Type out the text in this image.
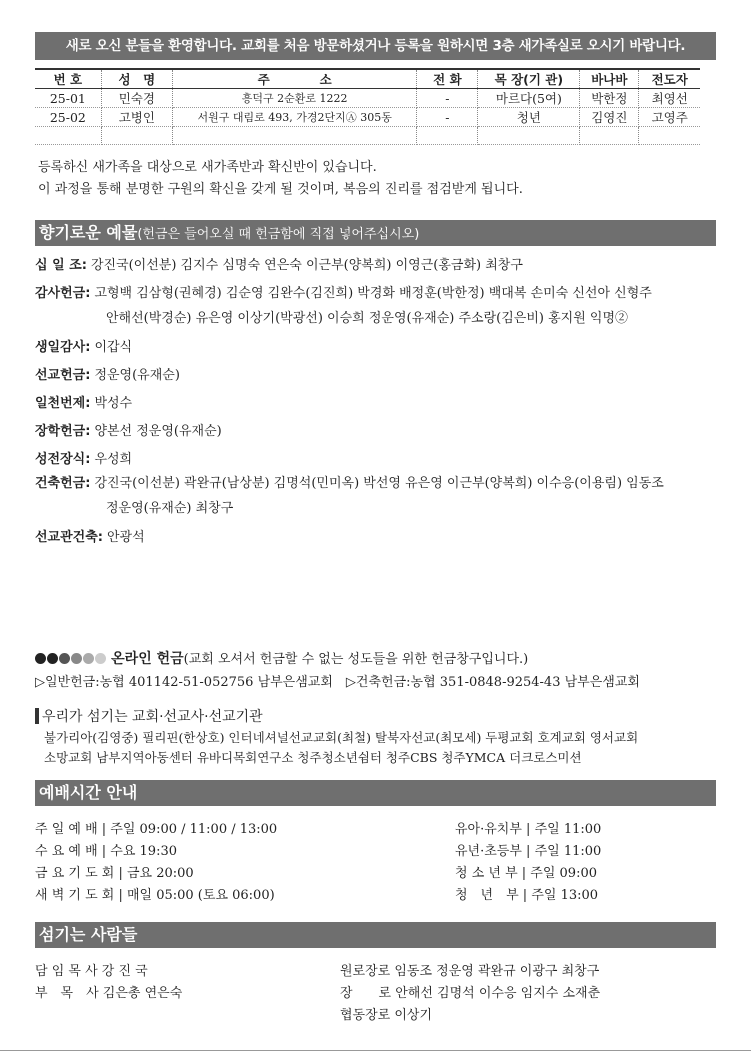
새로 오신 분들을 환영합니다. 교회를 처음 방문하셨거나 등록을 원하시면 3층 새가족실로 오시기 바랍니다.
번 호	성　명	주　　　　소	전 화	목 장(기 관)	바나바	전도자
25-01	민숙경	흥덕구 2순환로 1222	-	마르다(5여)	박한정	최영선
25-02	고병인	서원구 대림로 493, 가경2단지Ⓐ 305동	-	청년	김영진	고영주

등록하신 새가족을 대상으로 새가족반과 확신반이 있습니다.
이 과정을 통해 분명한 구원의 확신을 갖게 될 것이며, 복음의 진리를 점검받게 됩니다.
향기로운 예물(헌금은 들어오실 때 헌금함에 직접 넣어주십시오)
십 일 조: 강진국(이선분) 김지수 심명숙 연은숙 이근부(양복희) 이영근(홍금화) 최창구
감사헌금: 고형백 김삼형(권혜경) 김순영 김완수(김진희) 박경화 배정훈(박한정) 백대복 손미숙 신선아 신형주
안해선(박경순) 유은영 이상기(박광선) 이승희 정운영(유재순) 주소랑(김은비) 홍지원 익명②
생일감사: 이갑식
선교헌금: 정운영(유재순)
일천번제: 박성수
장학헌금: 양본선 정운영(유재순)
성전장식: 우성희
건축헌금: 강진국(이선분) 곽완규(남상분) 김명석(민미옥) 박선영 유은영 이근부(양복희) 이수응(이용림) 임동조
정운영(유재순) 최창구
선교관건축: 안광석
온라인 헌금(교회 오셔서 헌금할 수 없는 성도들을 위한 헌금창구입니다.)
▷일반헌금:농협 401142-51-052756 남부은샘교회　▷건축헌금:농협 351-0848-9254-43 남부은샘교회
우리가 섬기는 교회·선교사·선교기관
불가리아(김영중) 필리핀(한상호) 인터네셔널선교교회(최철) 탈북자선교(최모세) 두평교회 호계교회 영서교회
소망교회 남부지역아동센터 유바디목회연구소 청주청소년쉼터 청주CBS 청주YMCA 더크로스미션
예배시간 안내
주 일 예 배 | 주일 09:00 / 11:00 / 13:00
수 요 예 배 | 수요 19:30
금 요 기 도 회 | 금요 20:00
새 벽 기 도 회 | 매일 05:00 (토요 06:00)
유아·유치부 | 주일 11:00
유년·초등부 | 주일 11:00
청 소 년 부 | 주일 09:00
청　년　부 | 주일 13:00
섬기는 사람들
담 임 목 사 강 진 국
부　목　사 김은총 연은숙
원로장로 임동조 정운영 곽완규 이광구 최창구
장　　로 안해선 김명석 이수응 임지수 소재춘
협동장로 이상기
